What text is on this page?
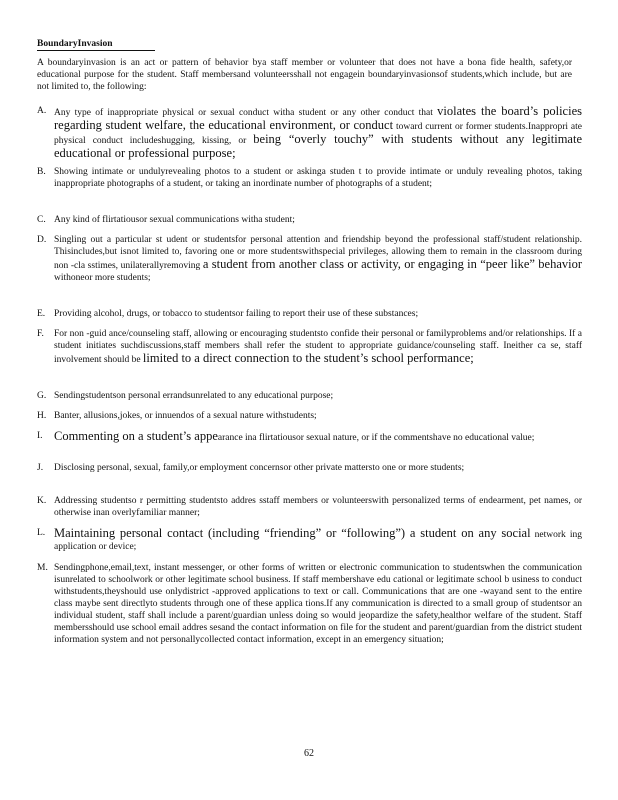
BoundaryInvasion
A boundaryinvasion is an act or pattern of behavior bya staff member or volunteer that does not have a bona fide health, safety,or educational purpose for the student. Staff membersand volunteersshall not engagein boundaryinvasionsof students,which include, but are not limited to, the following:
A. Any type of inappropriate physical or sexual conduct witha student or any other conduct that violates the board’s policies regarding student welfare, the educational environment, or conduct toward current or former students.Inappropri ate physical conduct includeshugging, kissing, or being “overly touchy” with students without any legitimate educational or professional purpose;
B. Showing intimate or undulyrevealing photos to a student or askinga studen t to provide intimate or unduly revealing photos, taking inappropriate photographs of a student, or taking an inordinate number of photographs of a student;
C. Any kind of flirtatiousor sexual communications witha student;
D. Singling out a particular st udent or studentsfor personal attention and friendship beyond the professional staff/student relationship. Thisincludes,but isnot limited to, favoring one or more studentswithspecial privileges, allowing them to remain in the classroom during non -cla sstimes, unilaterallyremoving a student from another class or activity, or engaging in “peer like” behavior withoneor more students;
E. Providing alcohol, drugs, or tobacco to studentsor failing to report their use of these substances;
F.	For non -guid ance/counseling staff, allowing or encouraging studentsto confide their personal or familyproblems and/or relationships. If a student initiates suchdiscussions,staff members shall refer the student to appropriate guidance/counseling staff. Ineither ca se, staff involvement should be limited to a direct connection to the student’s school performance;
G. Sendingstudentson personal errandsunrelated to any educational purpose;
H. Banter, allusions,jokes, or innuendos of a sexual nature withstudents;
I. Commenting on a student’s appearance ina flirtatiousor sexual nature, or if the commentshave no educational value;
J.	Disclosing personal, sexual, family,or employment concernsor other private mattersto one or more students;
K. Addressing studentso r permitting studentsto addres sstaff members or volunteerswith personalized terms of endearment, pet names, or otherwise inan overlyfamiliar manner;
L. Maintaining personal contact (including “friending” or “following”) a student on any social network ing application or device;
M. Sendingphone,email,text, instant messenger, or other forms of written or electronic communication to studentswhen the communication isunrelated to schoolwork or other legitimate school business. If staff membershave edu cational or legitimate school b usiness to conduct withstudents,theyshould use onlydistrict -approved applications to text or call. Communications that are one -wayand sent to the entire class maybe sent directlyto students through one of these applica tions.If any communication is directed to a small group of studentsor an individual student, staff shall include a parent/guardian unless doing so would jeopardize the safety,healthor welfare of the student. Staff membersshould use school email addres sesand the contact information on file for the student and parent/guardian from the district student information system and not personallycollected contact information, except in an emergency situation;
62
